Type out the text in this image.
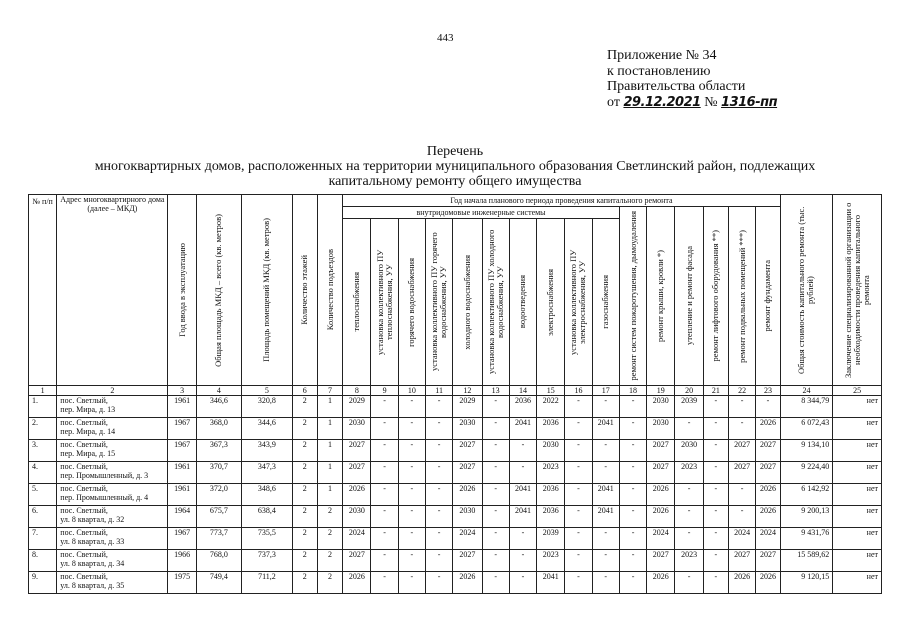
443
Приложение № 34
к постановлению
Правительства области
от 29.12.2021 № 1316-пп
Перечень
многоквартирных домов, расположенных на территории муниципального образования Светлинский район, подлежащих
капитальному ремонту общего имущества
№ п/п	Адрес многоквартирного дома (далее – МКД)	Год ввода в эксплуатацию	Общая площадь МКД – всего (кв. метров)	Площадь помещений МКД (кв. метров)	Количество этажей	Количество подъездов	Год начала планового периода проведения капитального ремонта																Общая стоимость капитального ремонта (тыс. рублей)	Заключение специализированной организации о необходимости проведения капитального ремонта

							внутридомовые инженерные системы										ремонт систем пожаротушения, дымоудаления	ремонт крыши, кровли *)	утепление и ремонт фасада	ремонт лифтового оборудования **)	ремонт подвальных помещений ***)	ремонт фундамента		

							теплоснабжения	установка коллективного ПУ теплоснабжения, УУ	горячего водоснабжения	установка коллективного ПУ горячего водоснабжения, УУ	холодного водоснабжения	установка коллективного ПУ холодного водоснабжения, УУ	водоотведения	электроснабжения	установка коллективного ПУ электроснабжения, УУ	газоснабжения								

1	2	3	4	5	6	7	8	9	10	11	12	13	14	15	16	17	18	19	20	21	22	23	24	25
1.	пос. Светлый,
пер. Мира, д. 13	1961	346,6	320,8	2	1	2029	-	-	-	2029	-	2036	2022	-	-	-	2030	2039	-	-	-	8 344,79	нет
2.	пос. Светлый,
пер. Мира, д. 14	1967	368,0	344,6	2	1	2030	-	-	-	2030	-	2041	2036	-	2041	-	2030	-	-	-	2026	6 072,43	нет
3.	пос. Светлый,
пер. Мира, д. 15	1967	367,3	343,9	2	1	2027	-	-	-	2027	-	-	2030	-	-	-	2027	2030	-	2027	2027	9 134,10	нет
4.	пос. Светлый,
пер. Промышленный, д. 3	1961	370,7	347,3	2	1	2027	-	-	-	2027	-	-	2023	-	-	-	2027	2023	-	2027	2027	9 224,40	нет
5.	пос. Светлый,
пер. Промышленный, д. 4	1961	372,0	348,6	2	1	2026	-	-	-	2026	-	2041	2036	-	2041	-	2026	-	-	-	2026	6 142,92	нет
6.	пос. Светлый,
ул. 8 квартал, д. 32	1964	675,7	638,4	2	2	2030	-	-	-	2030	-	2041	2036	-	2041	-	2026	-	-	-	2026	9 200,13	нет
7.	пос. Светлый,
ул. 8 квартал, д. 33	1967	773,7	735,5	2	2	2024	-	-	-	2024	-	-	2039	-	-	-	2024	-	-	2024	2024	9 431,76	нет
8.	пос. Светлый,
ул. 8 квартал, д. 34	1966	768,0	737,3	2	2	2027	-	-	-	2027	-	-	2023	-	-	-	2027	2023	-	2027	2027	15 589,62	нет
9.	пос. Светлый,
ул. 8 квартал, д. 35	1975	749,4	711,2	2	2	2026	-	-	-	2026	-	-	2041	-	-	-	2026	-	-	2026	2026	9 120,15	нет
